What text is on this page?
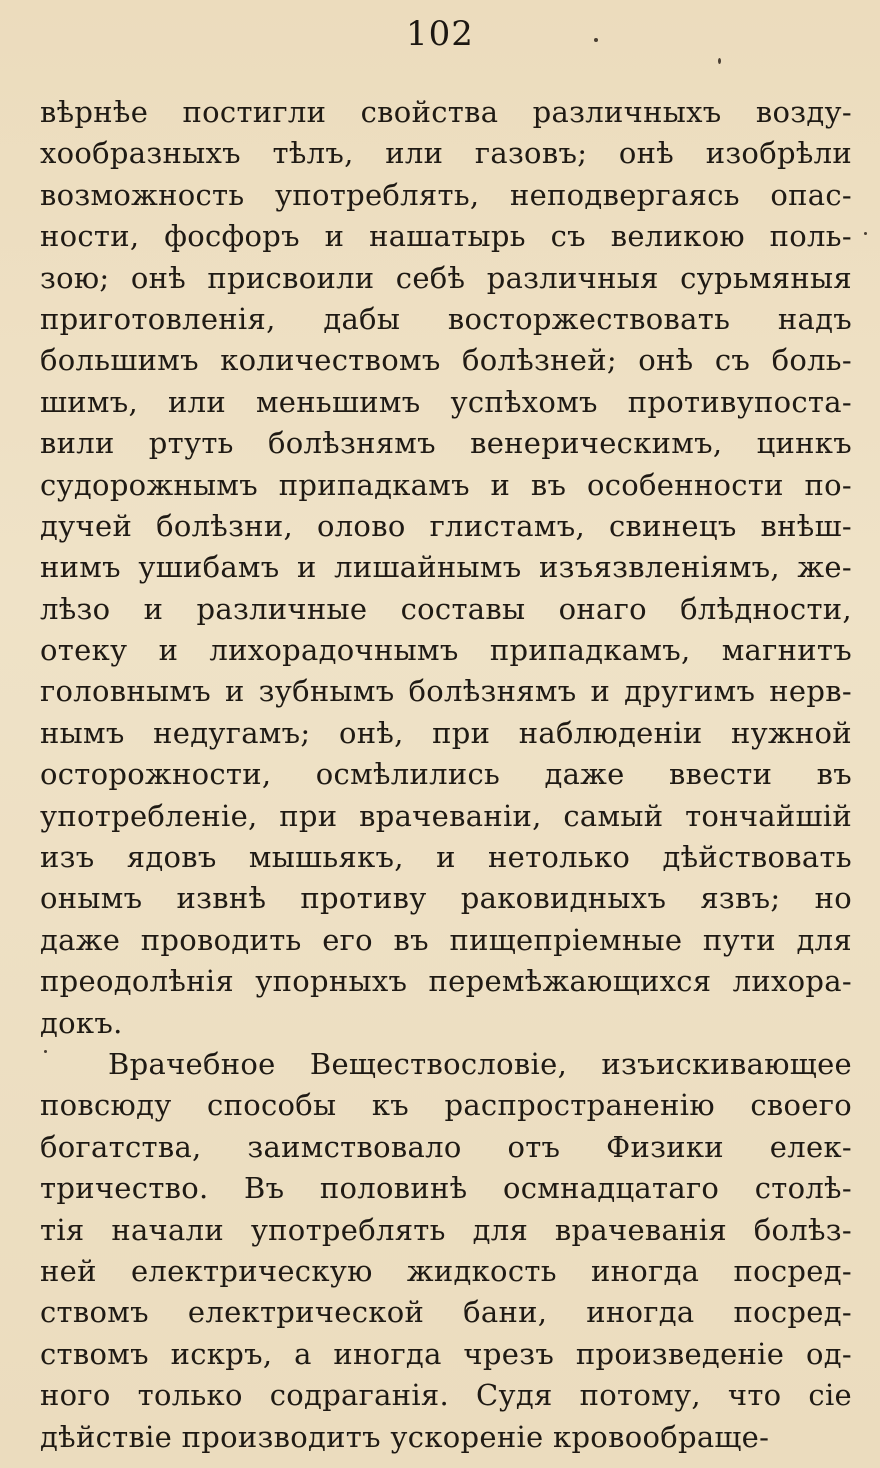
102
вѣрнѣе постигли свойства различныхъ возду-
хообразныхъ тѣлъ, или газовъ; онѣ изобрѣли
возможность употреблять, неподвергаясь опас-
ности, фосфоръ и нашатырь съ великою поль-
зою; онѣ присвоили себѣ различныя сурьмяныя
приготовленія, дабы восторжествовать надъ
большимъ количествомъ болѣзней; онѣ съ боль-
шимъ, или меньшимъ успѣхомъ противупоста-
вили ртуть болѣзнямъ венерическимъ, цинкъ
судорожнымъ припадкамъ и въ особенности по-
дучей болѣзни, олово глистамъ, свинецъ внѣш-
нимъ ушибамъ и лишайнымъ изъязвленіямъ, же-
лѣзо и различные составы онаго блѣдности,
отеку и лихорадочнымъ припадкамъ, магнитъ
головнымъ и зубнымъ болѣзнямъ и другимъ нерв-
нымъ недугамъ; онѣ, при наблюденіи нужной
осторожности, осмѣлились даже ввести въ
употребленіе, при врачеваніи, самый тончайшій
изъ ядовъ мышьякъ, и нетолько дѣйствовать
онымъ извнѣ противу раковидныхъ язвъ; но
даже проводить его въ пищепріемные пути для
преодолѣнія упорныхъ перемѣжающихся лихора-
докъ.
Врачебное Веществословіе, изъискивающее
повсюду способы къ распространенію своего
богатства, заимствовало отъ Физики елек-
тричество. Въ половинѣ осмнадцатаго столѣ-
тія начали употреблять для врачеванія болѣз-
ней електрическую жидкость иногда посред-
ствомъ електрической бани, иногда посред-
ствомъ искръ, а иногда чрезъ произведеніе од-
ного только содраганія. Судя потому, что сіе
дѣйствіе производитъ ускореніе кровообраще-
